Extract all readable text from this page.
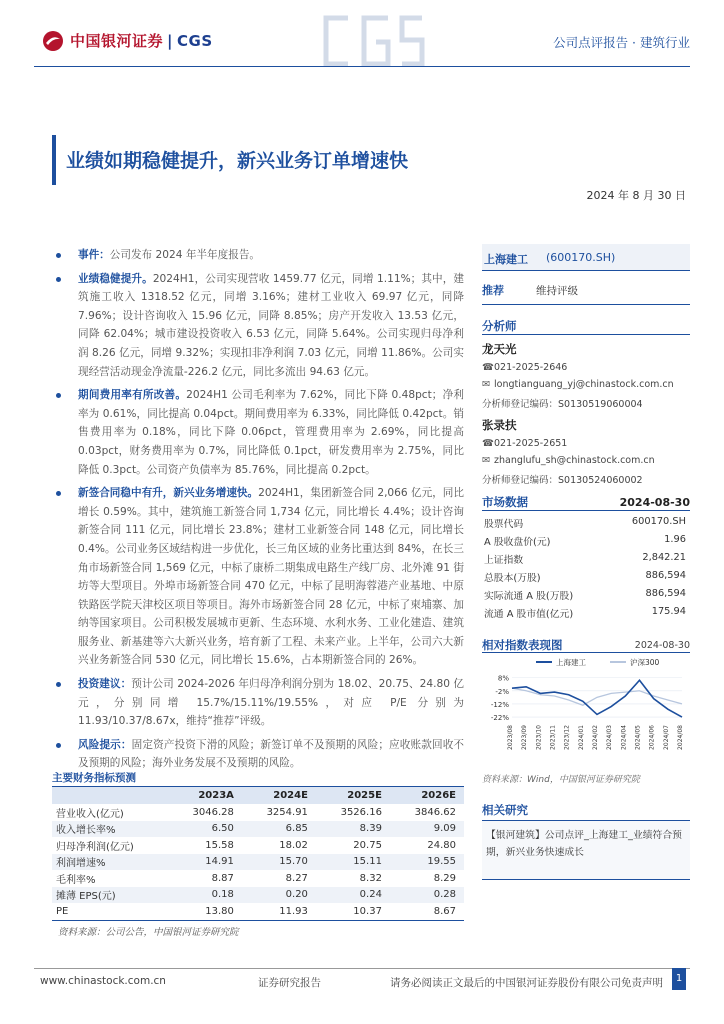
中国银河证券 | CGS	公司点评报告 · 建筑行业
业绩如期稳健提升，新兴业务订单增速快
2024 年 8 月 30 日
事件：公司发布 2024 年半年度报告。
业绩稳健提升。2024H1，公司实现营收 1459.77 亿元，同增 1.11%；其中，建筑施工收入 1318.52 亿元，同增 3.16%；建材工业收入 69.97 亿元，同降 7.96%；设计咨询收入 15.96 亿元，同降 8.85%；房产开发收入 13.53 亿元，同降 62.04%；城市建设投资收入 6.53 亿元，同降 5.64%。公司实现归母净利润 8.26 亿元，同增 9.32%；实现扣非净利润 7.03 亿元，同增 11.86%。公司实现经营活动现金净流量-226.2 亿元，同比多流出 94.63 亿元。
期间费用率有所改善。2024H1 公司毛利率为 7.62%，同比下降 0.48pct；净利率为 0.61%，同比提高 0.04pct。期间费用率为 6.33%，同比降低 0.42pct。销售费用率为 0.18%，同比下降 0.06pct，管理费用率为 2.69%，同比提高 0.03pct，财务费用率为 0.7%，同比降低 0.1pct，研发费用率为 2.75%，同比降低 0.3pct。公司资产负债率为 85.76%，同比提高 0.2pct。
新签合同稳中有升，新兴业务增速快。2024H1，集团新签合同 2,066 亿元，同比增长 0.59%。其中，建筑施工新签合同 1,734 亿元，同比增长 4.4%；设计咨询新签合同 111 亿元，同比增长 23.8%；建材工业新签合同 148 亿元，同比增长 0.4%。公司业务区域结构进一步优化，长三角区域的业务比重达到 84%，在长三角市场新签合同 1,569 亿元，中标了康桥二期集成电路生产线厂房、北外滩 91 街坊等大型项目。外埠市场新签合同 470 亿元，中标了昆明海蓉港产业基地、中原铁路医学院天津校区项目等项目。海外市场新签合同 28 亿元，中标了柬埔寨、加纳等国家项目。公司积极发展城市更新、生态环境、水利水务、工业化建造、建筑服务业、新基建等六大新兴业务，培育新了工程、未来产业。上半年，公司六大新兴业务新签合同 530 亿元，同比增长 15.6%，占本期新签合同的 26%。
投资建议：预计公司 2024-2026 年归母净利润分别为 18.02、20.75、24.80 亿元，分别同增 15.7%/15.11%/19.55%，对应 P/E 分别为 11.93/10.37/8.67x，维持“推荐”评级。
风险提示：固定资产投资下滑的风险；新签订单不及预期的风险；应收账款回收不及预期的风险；海外业务发展不及预期的风险。
主要财务指标预测
	2023A	2024E	2025E	2026E
营业收入(亿元)	3046.28	3254.91	3526.16	3846.62
收入增长率%	6.50	6.85	8.39	9.09
归母净利润(亿元)	15.58	18.02	20.75	24.80
利润增速%	14.91	15.70	15.11	19.55
毛利率%	8.87	8.27	8.32	8.29
摊薄 EPS(元)	0.18	0.20	0.24	0.28
PE	13.80	11.93	10.37	8.67
资料来源：公司公告，中国银河证券研究院
上海建工 (600170.SH)
推荐	维持评级
分析师
龙天光
☎021-2025-2646
✉ longtianguang_yj@chinastock.com.cn
分析师登记编码：S0130519060004
张录扶
☎021-2025-2651
✉ zhanglufu_sh@chinastock.com.cn
分析师登记编码：S0130524060002
市场数据	2024-08-30
股票代码	600170.SH
A 股收盘价(元)	1.96
上证指数	2,842.21
总股本(万股)	886,594
实际流通 A 股(万股)	886,594
流通 A 股市值(亿元)	175.94
相对指数表现图	2024-08-30
8%
-2%
-12%
-22%
2023/08 2023/09 2023/10 2023/11 2023/12 2024/01 2024/02 2024/03 2024/04 2024/05 2024/06 2024/07 2024/08
上海建工	沪深300
资料来源：Wind，中国银河证券研究院
相关研究
【银河建筑】公司点评_上海建工_业绩符合预期，新兴业务快速成长
www.chinastock.com.cn	证券研究报告	请务必阅读正文最后的中国银河证券股份有限公司免责声明	1
